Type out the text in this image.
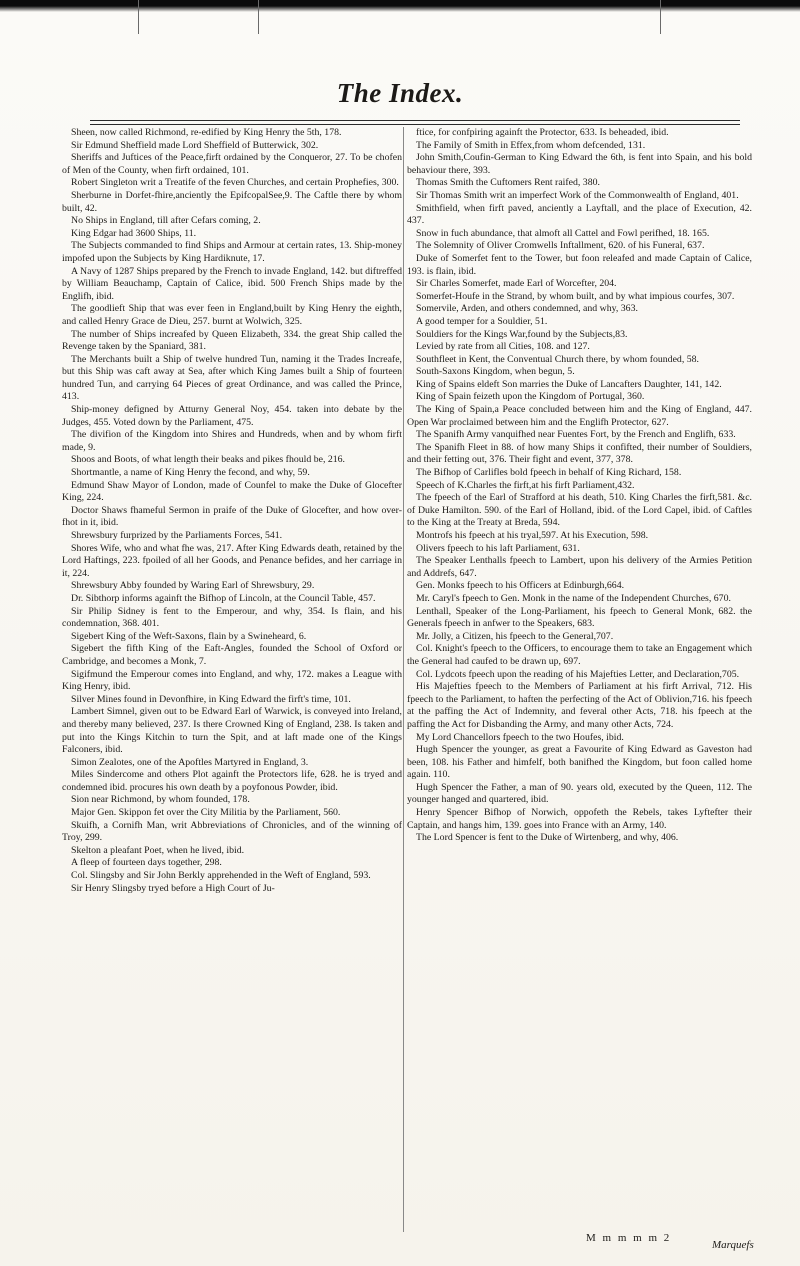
The Index.

Sheen, now called Richmond, re-edified by King Henry the 5th, 178.

Sir Edmund Sheffield made Lord Sheffield of Butterwick, 302.

Sheriffs and Juftices of the Peace,firft ordained by the Conqueror, 27. To be chofen of Men of the County, when firft ordained, 101.

Robert Singleton writ a Treatife of the feven Churches, and certain Prophefies, 300.

Sherburne in Dorfet-fhire,anciently the EpifcopalSee,9. The Caftle there by whom built, 42.

No Ships in England, till after Cefars coming, 2.

King Edgar had 3600 Ships, 11.

The Subjects commanded to find Ships and Armour at certain rates, 13. Ship-money impofed upon the Subjects by King Hardiknute, 17.

A Navy of 1287 Ships prepared by the French to invade England, 142. but diftreffed by William Beauchamp, Captain of Calice, ibid. 500 French Ships made by the Englifh, ibid.

The goodlieft Ship that was ever feen in England,built by King Henry the eighth, and called Henry Grace de Dieu, 257. burnt at Wolwich, 325.

The number of Ships increafed by Queen Elizabeth, 334. the great Ship called the Revenge taken by the Spaniard, 381.

The Merchants built a Ship of twelve hundred Tun, naming it the Trades Increafe, but this Ship was caft away at Sea, after which King James built a Ship of fourteen hundred Tun, and carrying 64 Pieces of great Ordinance, and was called the Prince, 413.

Ship-money defigned by Atturny General Noy, 454. taken into debate by the Judges, 455. Voted down by the Parliament, 475.

The divifion of the Kingdom into Shires and Hundreds, when and by whom firft made, 9.

Shoos and Boots, of what length their beaks and pikes fhould be, 216.

Shortmantle, a name of King Henry the fecond, and why, 59.

Edmund Shaw Mayor of London, made of Counfel to make the Duke of Glocefter King, 224.

Doctor Shaws fhameful Sermon in praife of the Duke of Glocefter, and how over-fhot in it, ibid.

Shrewsbury furprized by the Parliaments Forces, 541.

Shores Wife, who and what fhe was, 217. After King Edwards death, retained by the Lord Haftings, 223. fpoiled of all her Goods, and Penance befides, and her carriage in it, 224.

Shrewsbury Abby founded by Waring Earl of Shrewsbury, 29.

Dr. Sibthorp informs againft the Bifhop of Lincoln, at the Council Table, 457.

Sir Philip Sidney is fent to the Emperour, and why, 354. Is flain, and his condemnation, 368. 401.

Sigebert King of the Weft-Saxons, flain by a Swineheard, 6.

Sigebert the fifth King of the Eaft-Angles, founded the School of Oxford or Cambridge, and becomes a Monk, 7.

Sigifmund the Emperour comes into England, and why, 172. makes a League with King Henry, ibid.

Silver Mines found in Devonfhire, in King Edward the firft's time, 101.

Lambert Simnel, given out to be Edward Earl of Warwick, is conveyed into Ireland, and thereby many believed, 237. Is there Crowned King of England, 238. Is taken and put into the Kings Kitchin to turn the Spit, and at laft made one of the Kings Falconers, ibid.

Simon Zealotes, one of the Apoftles Martyred in England, 3.

Miles Sindercome and others Plot againft the Protectors life, 628. he is tryed and condemned ibid. procures his own death by a poyfonous Powder, ibid.

Sion near Richmond, by whom founded, 178.

Major Gen. Skippon fet over the City Militia by the Parliament, 560.

Skuifh, a Cornifh Man, writ Abbreviations of Chronicles, and of the winning of Troy, 299.

Skelton a pleafant Poet, when he lived, ibid.

A fleep of fourteen days together, 298.

Col. Slingsby and Sir John Berkly apprehended in the Weft of England, 593.

Sir Henry Slingsby tryed before a High Court of Ju-

ftice, for confpiring againft the Protector, 633. Is beheaded, ibid.

The Family of Smith in Effex,from whom defcended, 131.

John Smith,Coufin-German to King Edward the 6th, is fent into Spain, and his bold behaviour there, 393.

Thomas Smith the Cuftomers Rent raifed, 380.

Sir Thomas Smith writ an imperfect Work of the Commonwealth of England, 401.

Smithfield, when firft paved, anciently a Layftall, and the place of Execution, 42. 437.

Snow in fuch abundance, that almoft all Cattel and Fowl perifhed, 18. 165.

The Solemnity of Oliver Cromwells Inftallment, 620. of his Funeral, 637.

Duke of Somerfet fent to the Tower, but foon releafed and made Captain of Calice, 193. is flain, ibid.

Sir Charles Somerfet, made Earl of Worcefter, 204.

Somerfet-Houfe in the Strand, by whom built, and by what impious courfes, 307.

Somervile, Arden, and others condemned, and why, 363.

A good temper for a Souldier, 51.

Souldiers for the Kings War,found by the Subjects,83.

Levied by rate from all Cities, 108. and 127.

Southfleet in Kent, the Conventual Church there, by whom founded, 58.

South-Saxons Kingdom, when begun, 5.

King of Spains eldeft Son marries the Duke of Lancafters Daughter, 141, 142.

King of Spain feizeth upon the Kingdom of Portugal, 360.

The King of Spain,a Peace concluded between him and the King of England, 447. Open War proclaimed between him and the Englifh Protector, 627.

The Spanifh Army vanquifhed near Fuentes Fort, by the French and Englifh, 633.

The Spanifh Fleet in 88. of how many Ships it confifted, their number of Souldiers, and their fetting out, 376. Their fight and event, 377, 378.

The Bifhop of Carlifles bold fpeech in behalf of King Richard, 158.

Speech of K.Charles the firft,at his firft Parliament,432.

The fpeech of the Earl of Strafford at his death, 510. King Charles the firft,581. &c. of Duke Hamilton. 590. of the Earl of Holland, ibid. of the Lord Capel, ibid. of Caftles to the King at the Treaty at Breda, 594.

Montrofs his fpeech at his tryal,597. At his Execution, 598.

Olivers fpeech to his laft Parliament, 631.

The Speaker Lenthalls fpeech to Lambert, upon his delivery of the Armies Petition and Addrefs, 647.

Gen. Monks fpeech to his Officers at Edinburgh,664.

Mr. Caryl's fpeech to Gen. Monk in the name of the Independent Churches, 670.

Lenthall, Speaker of the Long-Parliament, his fpeech to General Monk, 682. the Generals fpeech in anfwer to the Speakers, 683.

Mr. Jolly, a Citizen, his fpeech to the General,707.

Col. Knight's fpeech to the Officers, to encourage them to take an Engagement which the General had caufed to be drawn up, 697.

Col. Lydcots fpeech upon the reading of his Majefties Letter, and Declaration,705.

His Majefties fpeech to the Members of Parliament at his firft Arrival, 712. His fpeech to the Parliament, to haften the perfecting of the Act of Oblivion,716. his fpeech at the paffing the Act of Indemnity, and feveral other Acts, 718. his fpeech at the paffing the Act for Disbanding the Army, and many other Acts, 724.

My Lord Chancellors fpeech to the two Houfes, ibid.

Hugh Spencer the younger, as great a Favourite of King Edward as Gaveston had been, 108. his Father and himfelf, both banifhed the Kingdom, but foon called home again. 110.

Hugh Spencer the Father, a man of 90. years old, executed by the Queen, 112. The younger hanged and quartered, ibid.

Henry Spencer Bifhop of Norwich, oppofeth the Rebels, takes Lyftefter their Captain, and hangs him, 139. goes into France with an Army, 140.

The Lord Spencer is fent to the Duke of Wirtenberg, and why, 406.

M m m m m 2
Marquefs
